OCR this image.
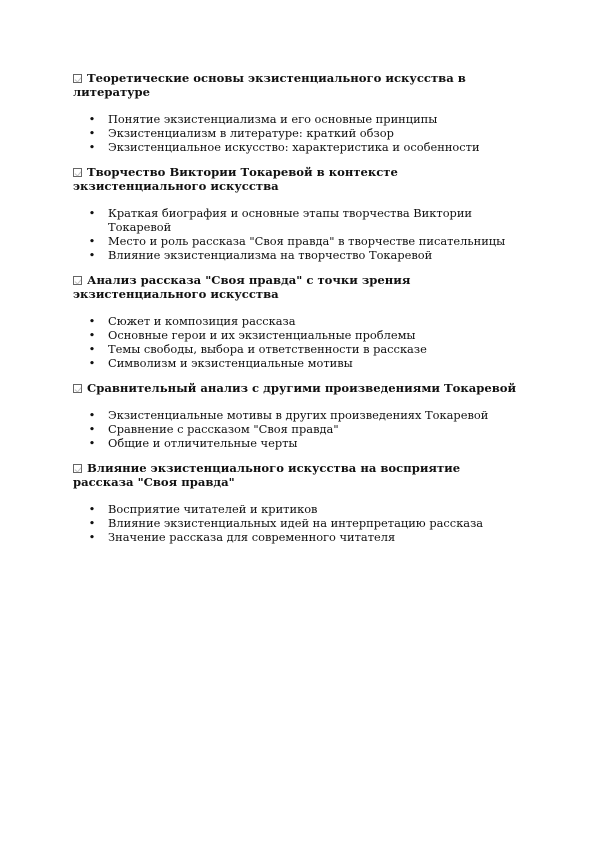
Теоретические основы экзистенциального искусства в литературе
• Понятие экзистенциализма и его основные принципы
• Экзистенциализм в литературе: краткий обзор
• Экзистенциальное искусство: характеристика и особенности
Творчество Виктории Токаревой в контексте экзистенциального искусства
• Краткая биография и основные этапы творчества Виктории Токаревой
• Место и роль рассказа "Своя правда" в творчестве писательницы
• Влияние экзистенциализма на творчество Токаревой
Анализ рассказа "Своя правда" с точки зрения экзистенциального искусства
• Сюжет и композиция рассказа
• Основные герои и их экзистенциальные проблемы
• Темы свободы, выбора и ответственности в рассказе
• Символизм и экзистенциальные мотивы
Сравнительный анализ с другими произведениями Токаревой
• Экзистенциальные мотивы в других произведениях Токаревой
• Сравнение с рассказом "Своя правда"
• Общие и отличительные черты
Влияние экзистенциального искусства на восприятие рассказа "Своя правда"
• Восприятие читателей и критиков
• Влияние экзистенциальных идей на интерпретацию рассказа
• Значение рассказа для современного читателя
